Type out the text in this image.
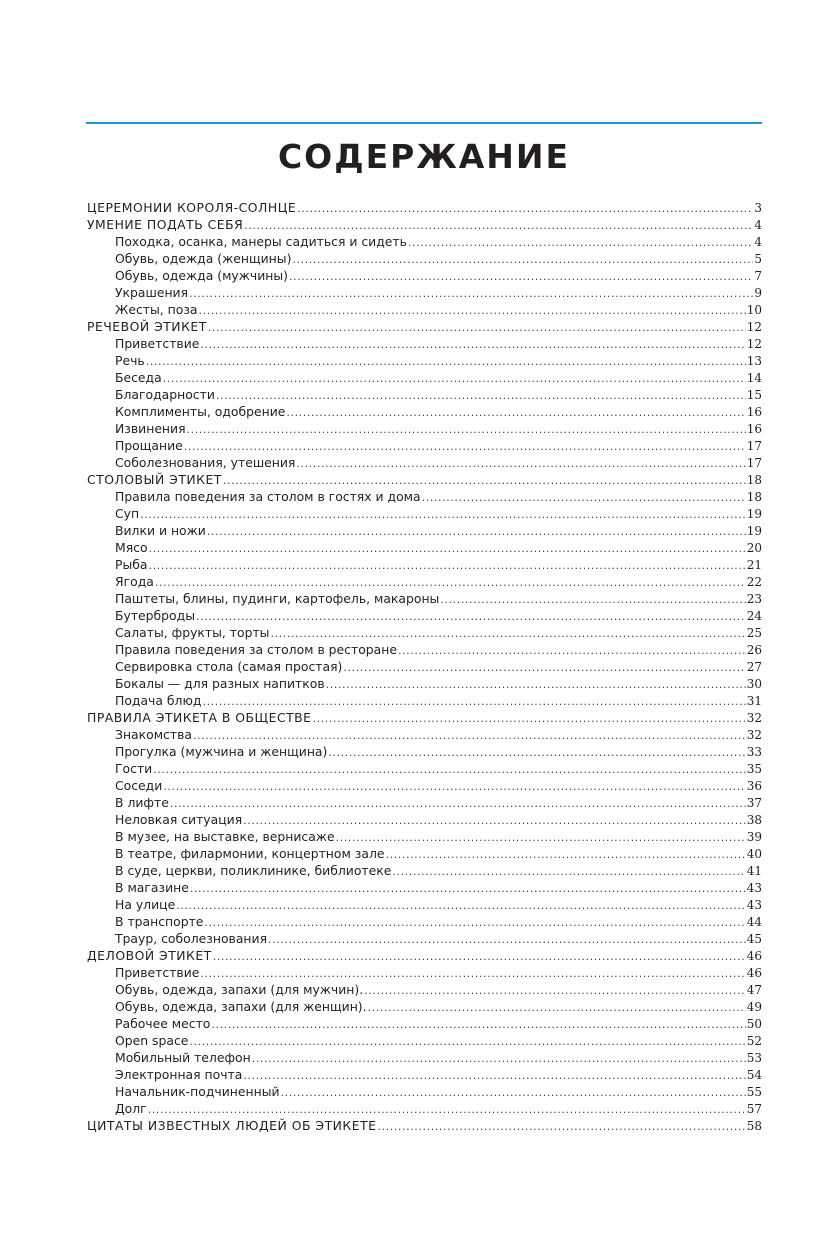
СОДЕРЖАНИЕ
ЦЕРЕМОНИИ КОРОЛЯ-СОЛНЦЕ .....	3
УМЕНИЕ ПОДАТЬ СЕБЯ .....	4
Походка, осанка, манеры садиться и сидеть .....	4
Обувь, одежда (женщины) .....	5
Обувь, одежда (мужчины) .....	7
Украшения .....	9
Жесты, поза .....	10
РЕЧЕВОЙ ЭТИКЕТ .....	12
Приветствие .....	12
Речь .....	13
Беседа .....	14
Благодарности .....	15
Комплименты, одобрение .....	16
Извинения .....	16
Прощание .....	17
Соболезнования, утешения .....	17
СТОЛОВЫЙ ЭТИКЕТ .....	18
Правила поведения за столом в гостях и дома .....	18
Суп .....	19
Вилки и ножи .....	19
Мясо .....	20
Рыба .....	21
Ягода .....	22
Паштеты, блины, пудинги, картофель, макароны .....	23
Бутерброды .....	24
Салаты, фрукты, торты .....	25
Правила поведения за столом в ресторане .....	26
Сервировка стола (самая простая) .....	27
Бокалы — для разных напитков .....	30
Подача блюд .....	31
ПРАВИЛА ЭТИКЕТА В ОБЩЕСТВЕ .....	32
Знакомства .....	32
Прогулка (мужчина и женщина) .....	33
Гости .....	35
Соседи .....	36
В лифте .....	37
Неловкая ситуация .....	38
В музее, на выставке, вернисаже .....	39
В театре, филармонии, концертном зале .....	40
В суде, церкви, поликлинике, библиотеке .....	41
В магазине .....	43
На улице .....	43
В транспорте .....	44
Траур, соболезнования .....	45
ДЕЛОВОЙ ЭТИКЕТ .....	46
Приветствие .....	46
Обувь, одежда, запахи (для мужчин). .....	47
Обувь, одежда, запахи (для женщин). .....	49
Рабочее место .....	50
Open space .....	52
Мобильный телефон .....	53
Электронная почта .....	54
Начальник-подчиненный .....	55
Долг .....	57
ЦИТАТЫ ИЗВЕСТНЫХ ЛЮДЕЙ ОБ ЭТИКЕТЕ .....	58
